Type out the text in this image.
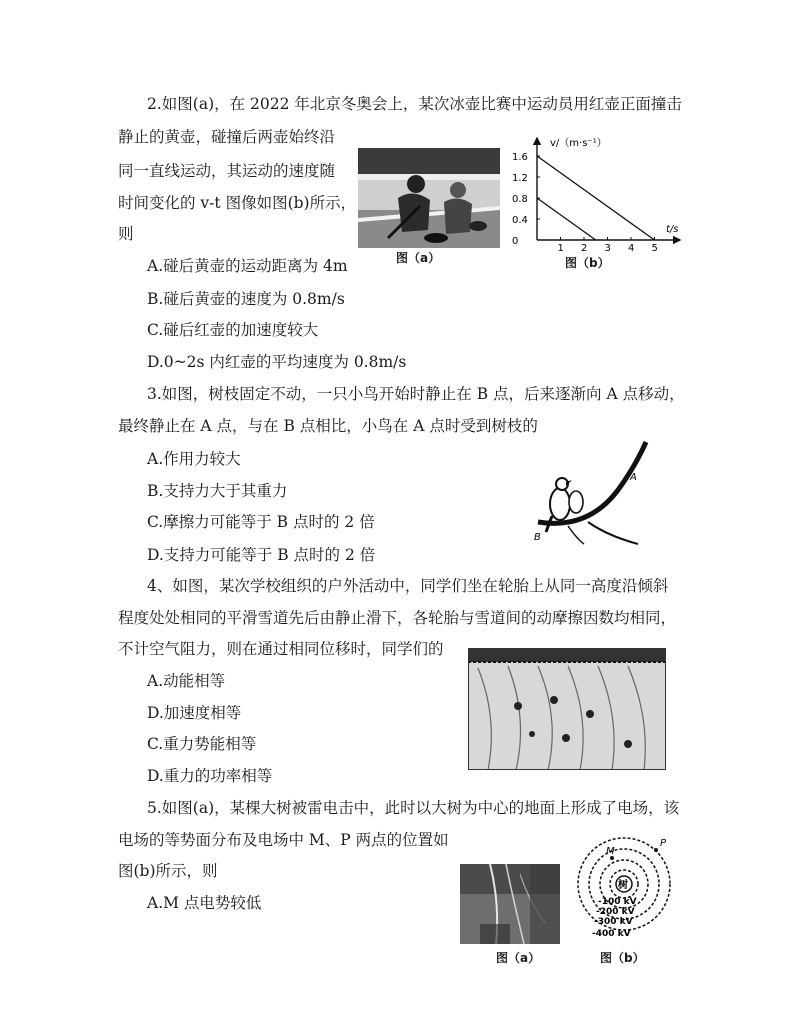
2.如图(a)，在 2022 年北京冬奥会上，某次冰壶比赛中运动员用红壶正面撞击
静止的黄壶，碰撞后两壶始终沿
同一直线运动，其运动的速度随
时间变化的 v-t 图像如图(b)所示，
则
A.碰后黄壶的运动距离为 4m
B.碰后黄壶的速度为 0.8m/s
C.碰后红壶的加速度较大
D.0~2s 内红壶的平均速度为 0.8m/s
图（a）
v/（m·s⁻¹）
t/s
1.6
1.2
0.8
0.4
0
1 2 3 4 5
图（b）
3.如图，树枝固定不动，一只小鸟开始时静止在 B 点，后来逐渐向 A 点移动，
最终静止在 A 点，与在 B 点相比，小鸟在 A 点时受到树枝的
A.作用力较大
B.支持力大于其重力
C.摩擦力可能等于 B 点时的 2 倍
D.支持力可能等于 B 点时的 2 倍
A
B
4、如图，某次学校组织的户外活动中，同学们坐在轮胎上从同一高度沿倾斜
程度处处相同的平滑雪道先后由静止滑下，各轮胎与雪道间的动摩擦因数均相同，
不计空气阻力，则在通过相同位移时，同学们的
A.动能相等
D.加速度相等
C.重力势能相等
D.重力的功率相等
5.如图(a)，某棵大树被雷电击中，此时以大树为中心的地面上形成了电场，该
电场的等势面分布及电场中 M、P 两点的位置如
图(b)所示，则
A.M 点电势较低
图（a）
树
M
P
-100 kV
-200 kV
-300 kV
-400 kV
图（b）
